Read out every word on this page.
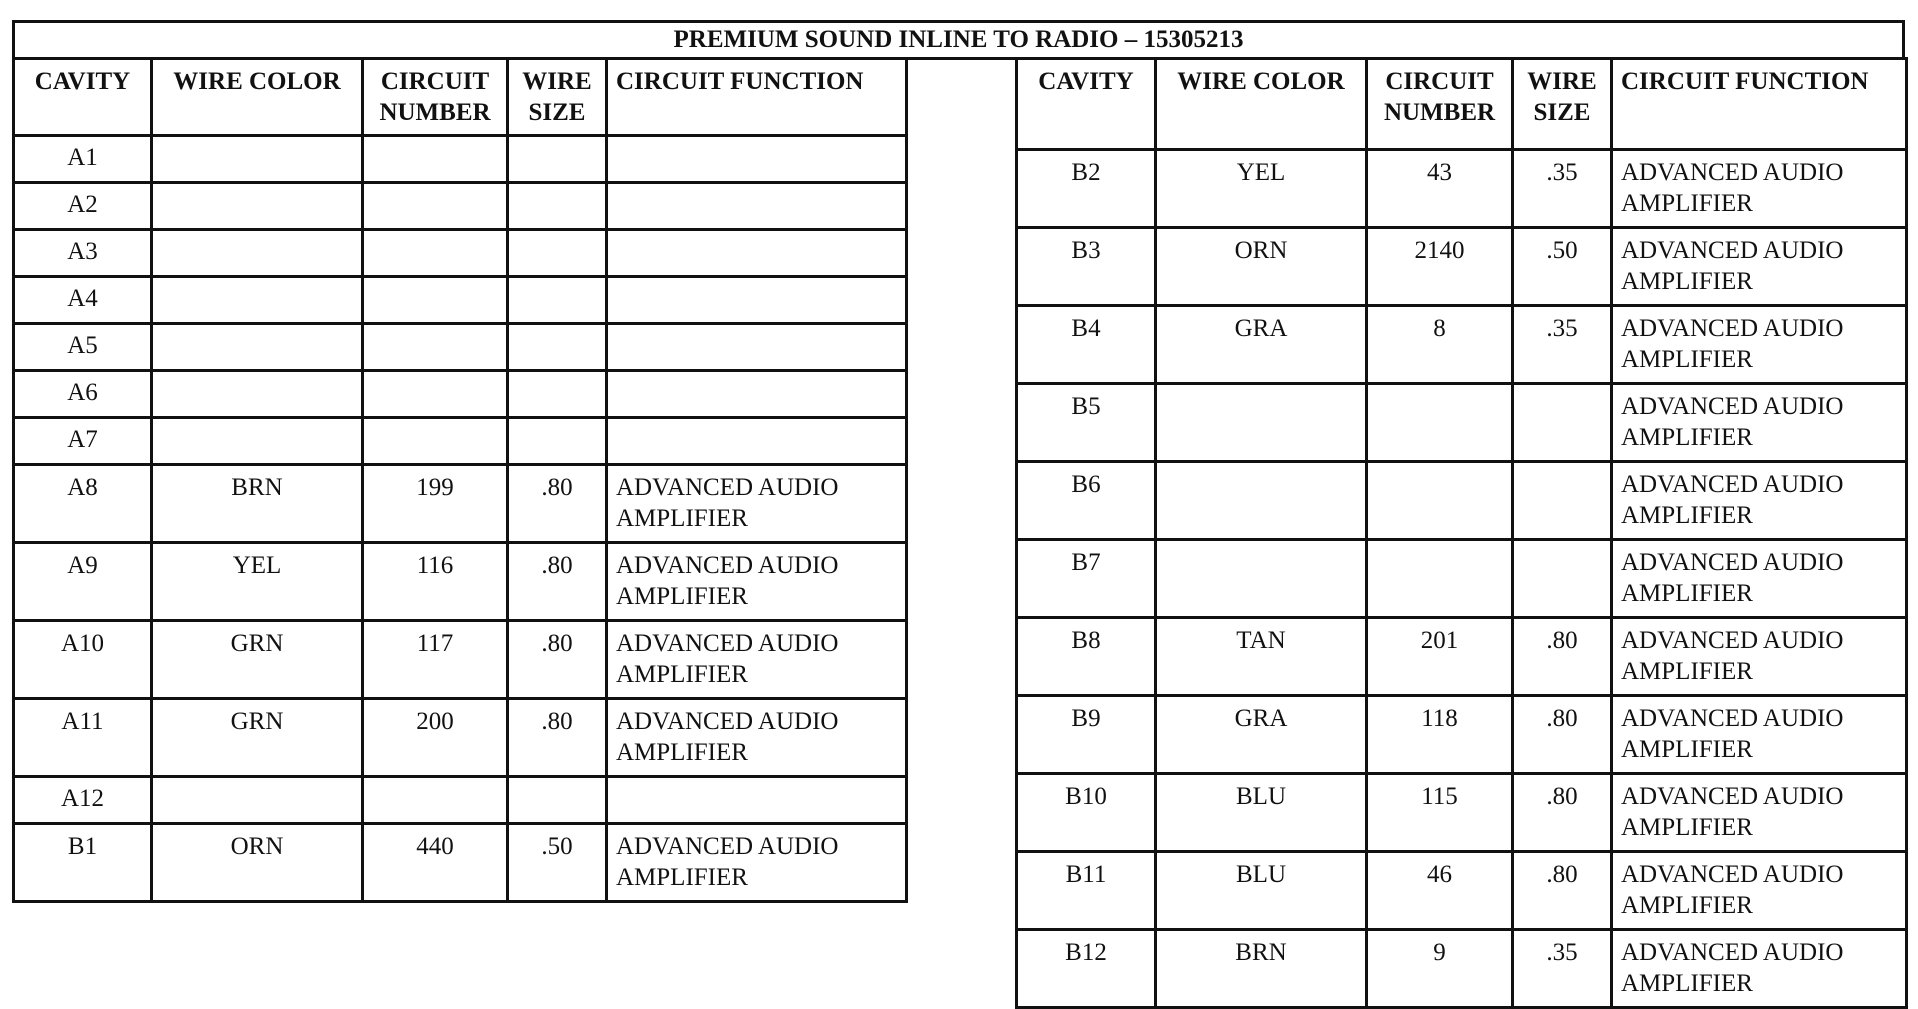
PREMIUM SOUND INLINE TO RADIO – 15305213
CAVITY	WIRE COLOR	CIRCUIT NUMBER	WIRE SIZE	CIRCUIT FUNCTION
A1				
A2				
A3				
A4				
A5				
A6				
A7				
A8	BRN	199	.80	ADVANCED AUDIO AMPLIFIER
A9	YEL	116	.80	ADVANCED AUDIO AMPLIFIER
A10	GRN	117	.80	ADVANCED AUDIO AMPLIFIER
A11	GRN	200	.80	ADVANCED AUDIO AMPLIFIER
A12				
B1	ORN	440	.50	ADVANCED AUDIO AMPLIFIER
CAVITY	WIRE COLOR	CIRCUIT NUMBER	WIRE SIZE	CIRCUIT FUNCTION
B2	YEL	43	.35	ADVANCED AUDIO AMPLIFIER
B3	ORN	2140	.50	ADVANCED AUDIO AMPLIFIER
B4	GRA	8	.35	ADVANCED AUDIO AMPLIFIER
B5				ADVANCED AUDIO AMPLIFIER
B6				ADVANCED AUDIO AMPLIFIER
B7				ADVANCED AUDIO AMPLIFIER
B8	TAN	201	.80	ADVANCED AUDIO AMPLIFIER
B9	GRA	118	.80	ADVANCED AUDIO AMPLIFIER
B10	BLU	115	.80	ADVANCED AUDIO AMPLIFIER
B11	BLU	46	.80	ADVANCED AUDIO AMPLIFIER
B12	BRN	9	.35	ADVANCED AUDIO AMPLIFIER
